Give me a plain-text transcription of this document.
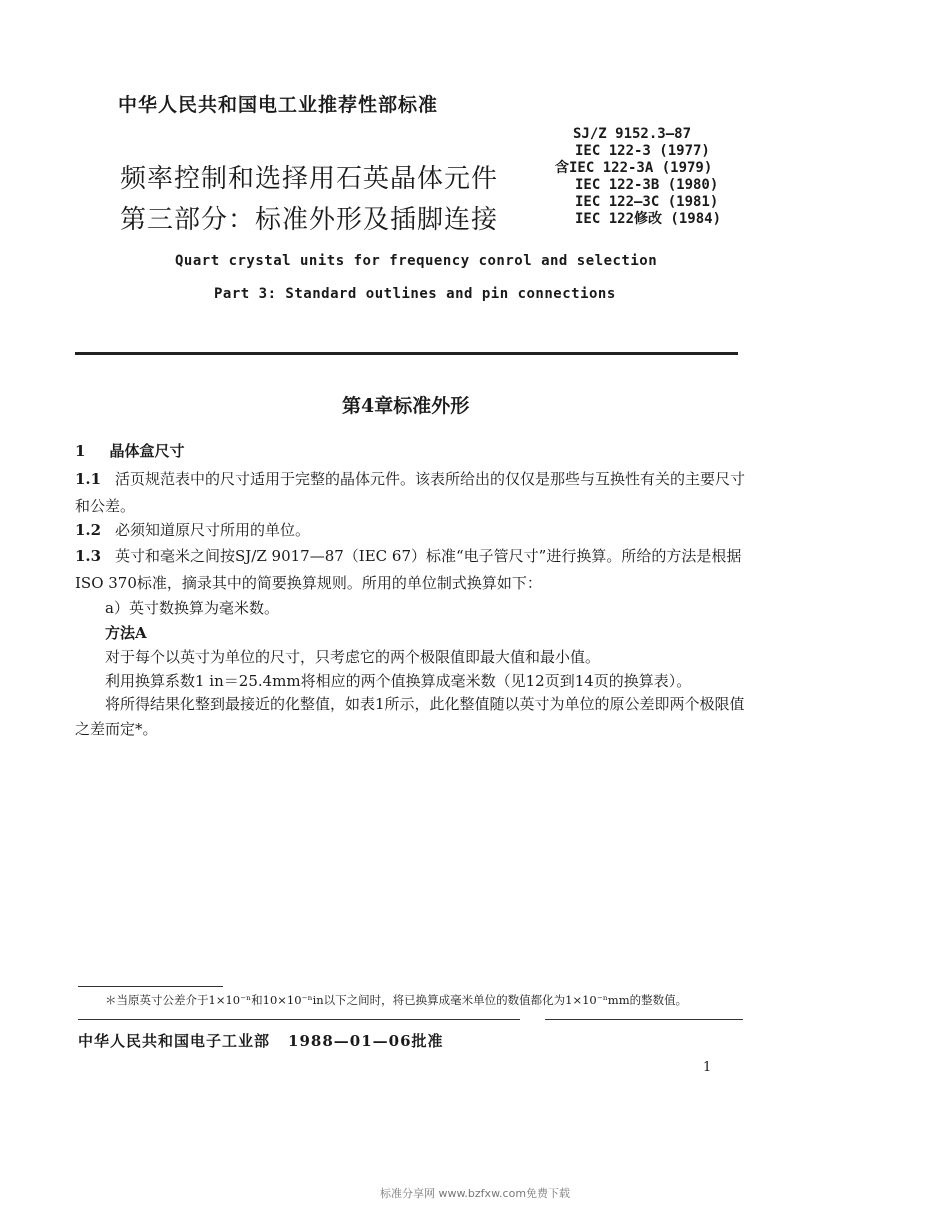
中华人民共和国电工业推荐性部标准
SJ/Z 9152.3—87
IEC 122-3 (1977)
含IEC 122-3A (1979)
IEC 122-3B (1980)
IEC 122—3C (1981)
IEC 122修改 (1984)
频率控制和选择用石英晶体元件
第三部分：标准外形及插脚连接
Quart crystal units for frequency conrol and selection
Part 3: Standard outlines and pin connections
第4章标准外形
1 晶体盒尺寸
1.1 活页规范表中的尺寸适用于完整的晶体元件。该表所给出的仅仅是那些与互换性有关的主要尺寸和公差。
1.2 必须知道原尺寸所用的单位。
1.3 英寸和毫米之间按SJ/Z 9017—87（IEC 67）标准“电子管尺寸”进行换算。所给的方法是根据ISO 370标准，摘录其中的简要换算规则。所用的单位制式换算如下：
a）英寸数换算为毫米数。
方法A
对于每个以英寸为单位的尺寸，只考虑它的两个极限值即最大值和最小值。
利用换算系数1 in＝25.4mm将相应的两个值换算成毫米数（见12页到14页的换算表）。
将所得结果化整到最接近的化整值，如表1所示，此化整值随以英寸为单位的原公差即两个极限值之差而定*。
＊当原英寸公差介于1×10⁻ⁿ和10×10⁻ⁿin以下之间时，将已换算成毫米单位的数值都化为1×10⁻ⁿmm的整数值。
中华人民共和国电子工业部 1988—01—06批准
1
标准分享网 www.bzfxw.com免费下载
